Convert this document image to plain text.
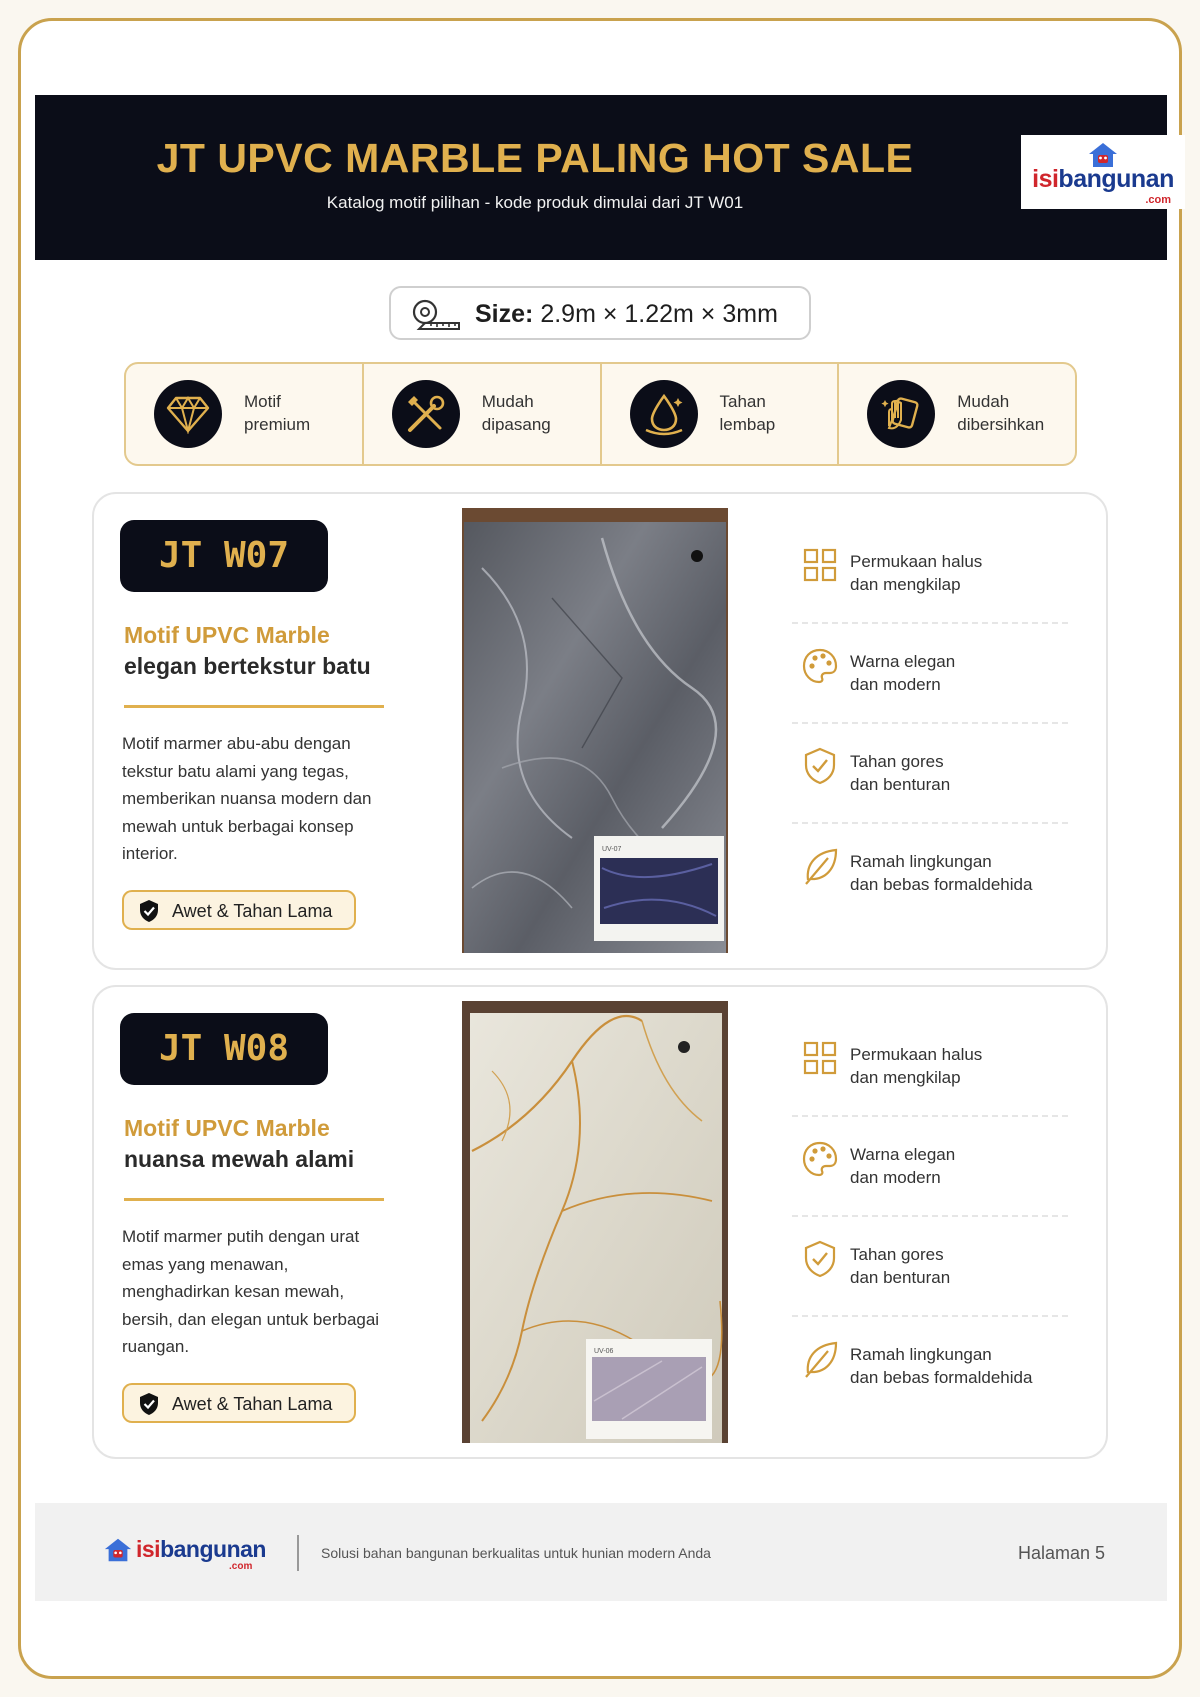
JT UPVC MARBLE PALING HOT SALE
Katalog motif pilihan - kode produk dimulai dari JT W01
isibangunan
.com
Size: 2.9m × 1.22m × 3mm
Motif
premium
Mudah
dipasang
Tahan
lembap
Mudah
dibersihkan
JT W07
Motif UPVC Marble
elegan bertekstur batu
Motif marmer abu-abu dengan tekstur batu alami yang tegas, memberikan nuansa modern dan mewah untuk berbagai konsep interior.
Awet & Tahan Lama
UV-07
Permukaan halus
dan mengkilap
Warna elegan
dan modern
Tahan gores
dan benturan
Ramah lingkungan
dan bebas formaldehida
JT W08
Motif UPVC Marble
nuansa mewah alami
Motif marmer putih dengan urat emas yang menawan, menghadirkan kesan mewah, bersih, dan elegan untuk berbagai ruangan.
Awet & Tahan Lama
UV-06
Permukaan halus
dan mengkilap
Warna elegan
dan modern
Tahan gores
dan benturan
Ramah lingkungan
dan bebas formaldehida
isibangunan
.com
Solusi bahan bangunan berkualitas untuk hunian modern Anda	Halaman 5
